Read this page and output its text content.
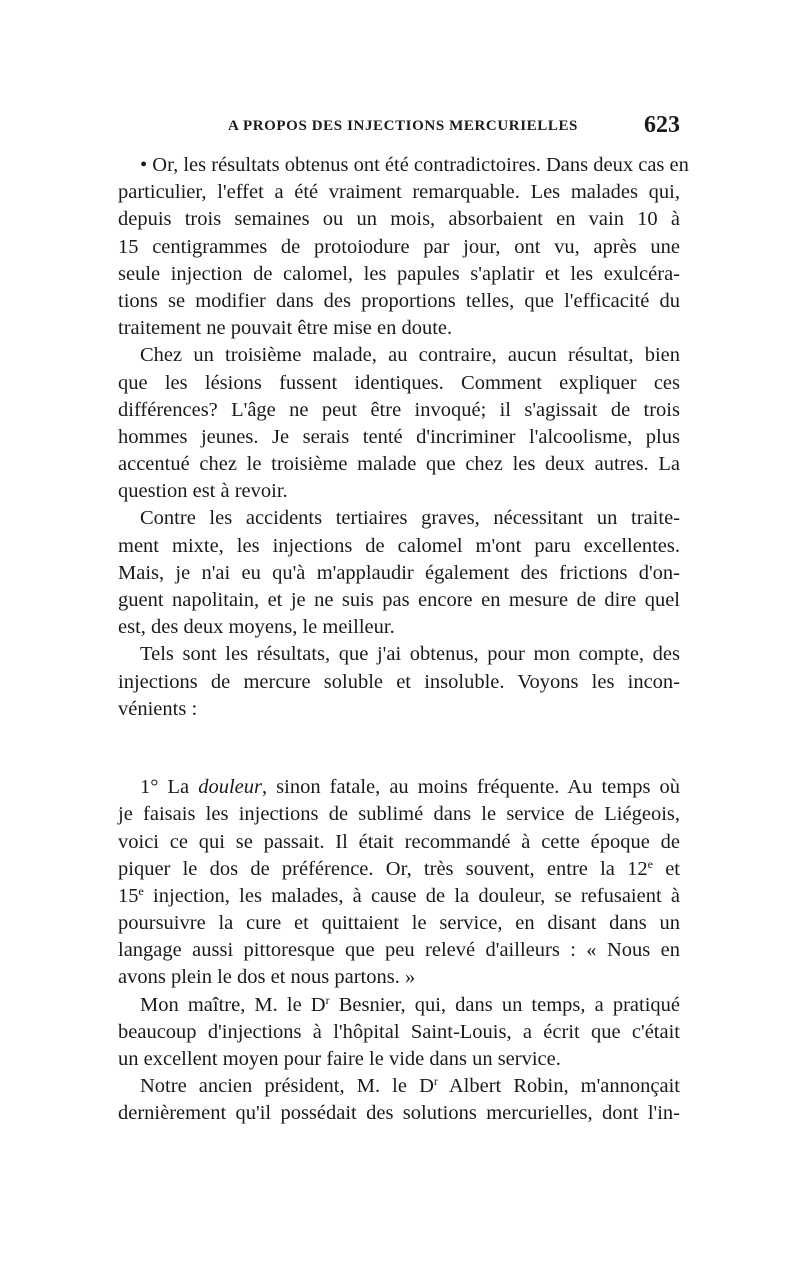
A PROPOS DES INJECTIONS MERCURIELLES	623
• Or, les résultats obtenus ont été contradictoires. Dans deux cas en
particulier, l'effet a été vraiment remarquable. Les malades qui,
depuis trois semaines ou un mois, absorbaient en vain 10 à
15 centigrammes de protoiodure par jour, ont vu, après une
seule injection de calomel, les papules s'aplatir et les exulcéra-
tions se modifier dans des proportions telles, que l'efficacité du
traitement ne pouvait être mise en doute.
Chez un troisième malade, au contraire, aucun résultat, bien
que les lésions fussent identiques. Comment expliquer ces
différences? L'âge ne peut être invoqué; il s'agissait de trois
hommes jeunes. Je serais tenté d'incriminer l'alcoolisme, plus
accentué chez le troisième malade que chez les deux autres. La
question est à revoir.
Contre les accidents tertiaires graves, nécessitant un traite-
ment mixte, les injections de calomel m'ont paru excellentes.
Mais, je n'ai eu qu'à m'applaudir également des frictions d'on-
guent napolitain, et je ne suis pas encore en mesure de dire quel
est, des deux moyens, le meilleur.
Tels sont les résultats, que j'ai obtenus, pour mon compte, des
injections de mercure soluble et insoluble. Voyons les incon-
vénients :
1° La douleur, sinon fatale, au moins fréquente. Au temps où
je faisais les injections de sublimé dans le service de Liégeois,
voici ce qui se passait. Il était recommandé à cette époque de
piquer le dos de préférence. Or, très souvent, entre la 12e et
15e injection, les malades, à cause de la douleur, se refusaient à
poursuivre la cure et quittaient le service, en disant dans un
langage aussi pittoresque que peu relevé d'ailleurs : « Nous en
avons plein le dos et nous partons. »
Mon maître, M. le $D^r$ Besnier, qui, dans un temps, a pratiqué
beaucoup d'injections à l'hôpital Saint-Louis, a écrit que c'était
un excellent moyen pour faire le vide dans un service.
Notre ancien président, M. le $D^r$ Albert Robin, m'annonçait
dernièrement qu'il possédait des solutions mercurielles, dont l'in-
